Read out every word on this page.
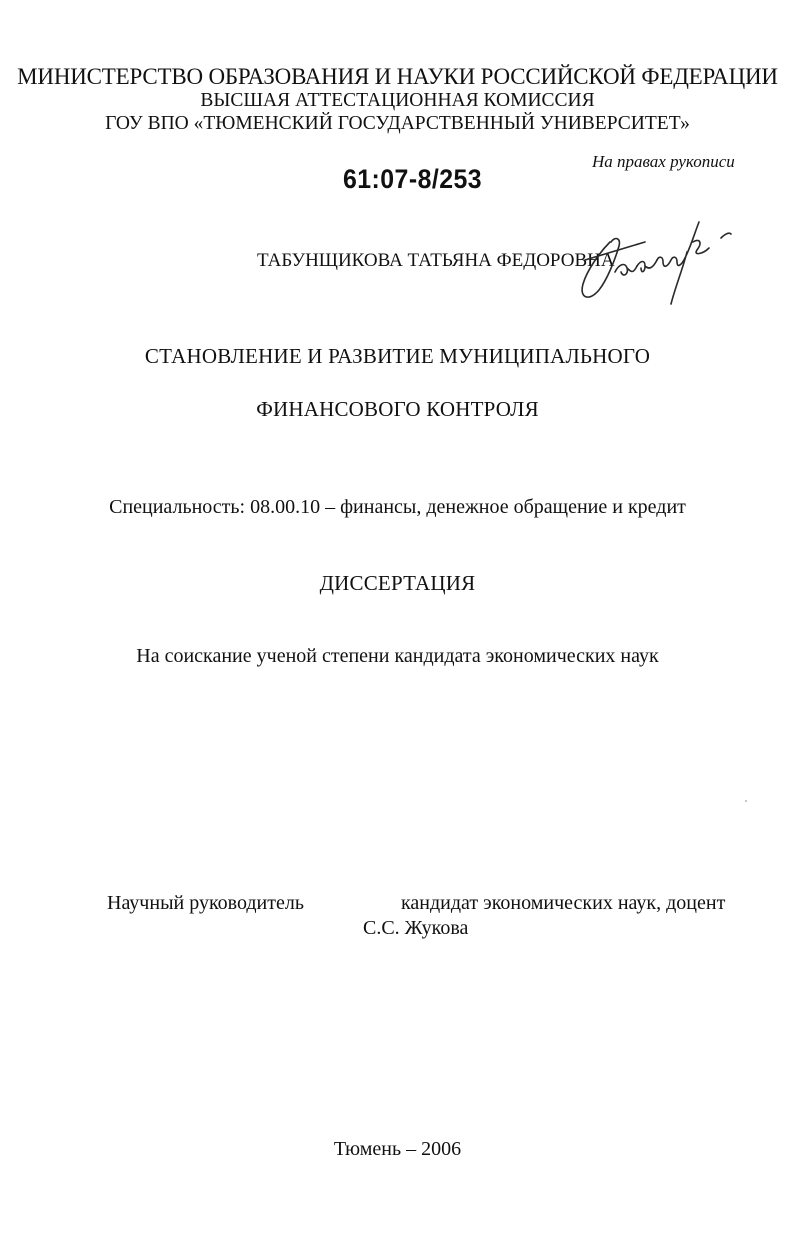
МИНИСТЕРСТВО ОБРАЗОВАНИЯ И НАУКИ РОССИЙСКОЙ ФЕДЕРАЦИИ
ВЫСШАЯ АТТЕСТАЦИОННАЯ КОМИССИЯ
ГОУ ВПО «ТЮМЕНСКИЙ ГОСУДАРСТВЕННЫЙ УНИВЕРСИТЕТ»
На правах рукописи
61:07-8/253
ТАБУНЩИКОВА ТАТЬЯНА ФЕДОРОВНА
СТАНОВЛЕНИЕ И РАЗВИТИЕ МУНИЦИПАЛЬНОГО
ФИНАНСОВОГО КОНТРОЛЯ
Специальность: 08.00.10 – финансы, денежное обращение и кредит
ДИССЕРТАЦИЯ
На соискание ученой степени кандидата экономических наук
Научный руководитель	кандидат экономических наук, доцент
С.С. Жукова
Тюмень – 2006
